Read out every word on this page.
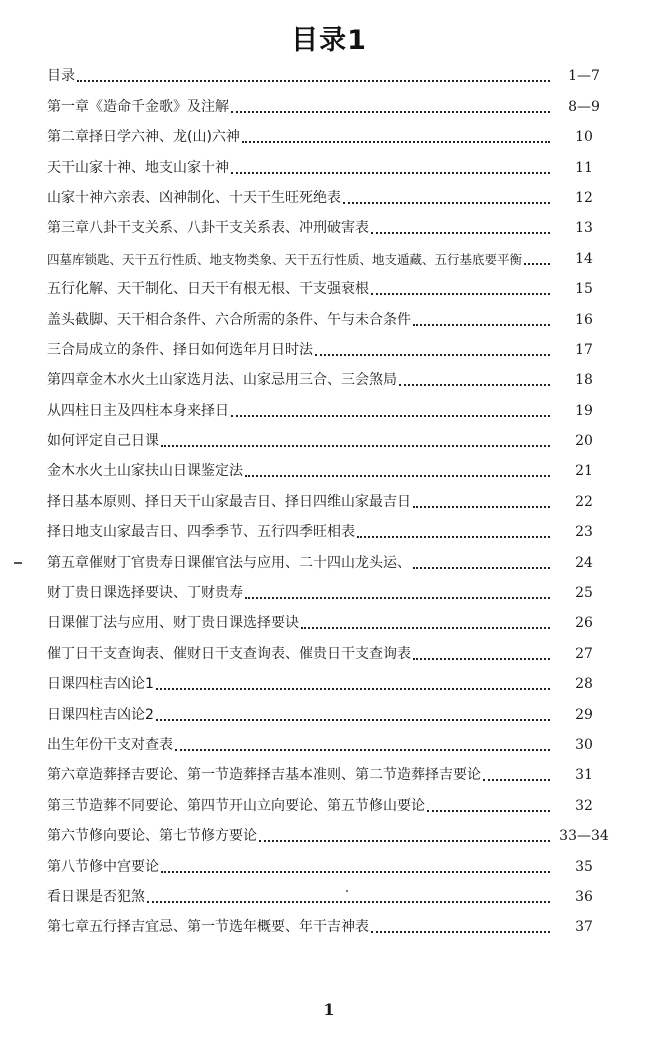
目录1
目录	1—7
第一章《造命千金歌》及注解	8—9
第二章择日学六神、龙(山)六神	10
天干山家十神、地支山家十神	11
山家十神六亲表、凶神制化、十天干生旺死绝表	12
第三章八卦干支关系、八卦干支关系表、冲刑破害表	13
四墓库锁匙、天干五行性质、地支物类象、天干五行性质、地支遁藏、五行基底要平衡	14
五行化解、天干制化、日天干有根无根、干支强衰根	15
盖头截脚、天干相合条件、六合所需的条件、午与未合条件	16
三合局成立的条件、择日如何选年月日时法	17
第四章金木水火土山家选月法、山家忌用三合、三会煞局	18
从四柱日主及四柱本身来择日	19
如何评定自己日课	20
金木水火土山家扶山日课鉴定法	21
择日基本原则、择日天干山家最吉日、择日四维山家最吉日	22
择日地支山家最吉日、四季季节、五行四季旺相表	23
第五章催财丁官贵寿日课催官法与应用、二十四山龙头运、	24
财丁贵日课选择要诀、丁财贵寿	25
日课催丁法与应用、财丁贵日课选择要诀	26
催丁日干支查询表、催财日干支查询表、催贵日干支查询表	27
日课四柱吉凶论1	28
日课四柱吉凶论2	29
出生年份干支对查表	30
第六章造葬择吉要论、第一节造葬择吉基本准则、第二节造葬择吉要论	31
第三节造葬不同要论、第四节开山立向要论、第五节修山要论	32
第六节修向要论、第七节修方要论	33—34
第八节修中宫要论	35
看日课是否犯煞	36
第七章五行择吉宜忌、第一节选年概要、年干吉神表	37
1
